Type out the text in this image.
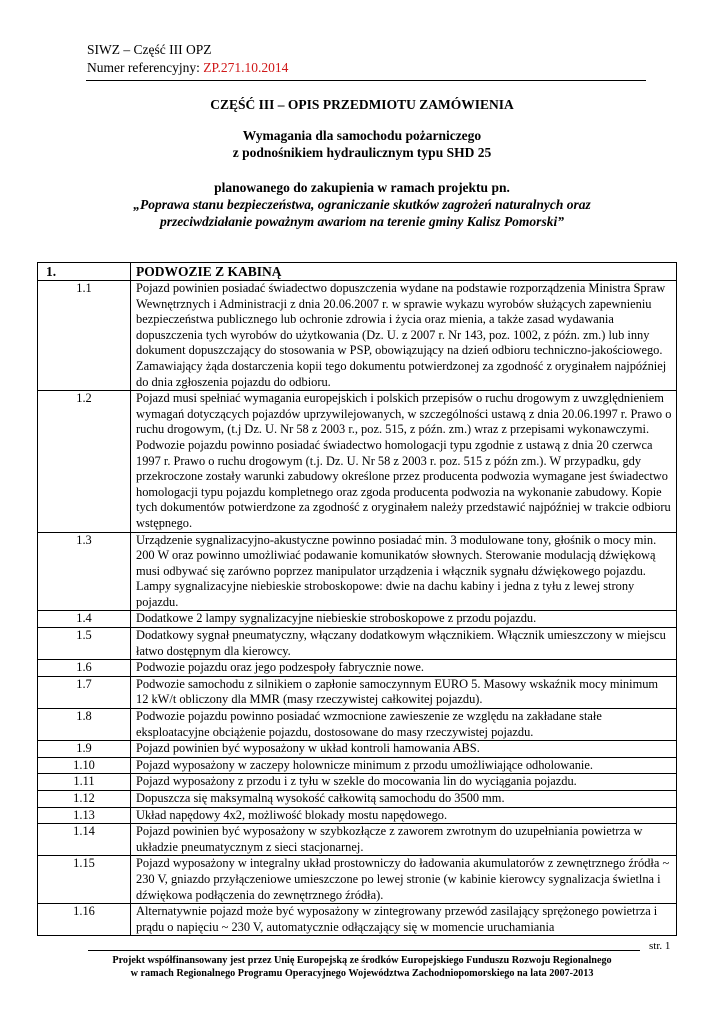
SIWZ – Część III OPZ
Numer referencyjny: ZP.271.10.2014
CZĘŚĆ III – OPIS PRZEDMIOTU ZAMÓWIENIA
Wymagania dla samochodu pożarniczego
z podnośnikiem hydraulicznym typu SHD 25
planowanego do zakupienia w ramach projektu pn.
„Poprawa stanu bezpieczeństwa, ograniczanie skutków zagrożeń naturalnych oraz
przeciwdziałanie poważnym awariom na terenie gminy Kalisz Pomorski”
1.	PODWOZIE Z KABINĄ
1.1	Pojazd powinien posiadać świadectwo dopuszczenia wydane na podstawie rozporządzenia Ministra Spraw Wewnętrznych i Administracji z dnia 20.06.2007 r. w sprawie wykazu wyrobów służących zapewnieniu bezpieczeństwa publicznego lub ochronie zdrowia i życia oraz mienia, a także zasad wydawania dopuszczenia tych wyrobów do użytkowania (Dz. U. z 2007 r. Nr 143, poz. 1002, z późn. zm.) lub inny dokument dopuszczający do stosowania w PSP, obowiązujący na dzień odbioru techniczno-jakościowego. Zamawiający żąda dostarczenia kopii tego dokumentu potwierdzonej za zgodność z oryginałem najpóźniej do dnia zgłoszenia pojazdu do odbioru.
1.2	Pojazd musi spełniać wymagania europejskich i polskich przepisów o ruchu drogowym z uwzględnieniem wymagań dotyczących pojazdów uprzywilejowanych, w szczególności ustawą z dnia 20.06.1997 r. Prawo o ruchu drogowym, (t.j Dz. U. Nr 58 z 2003 r., poz. 515, z późn. zm.) wraz z przepisami wykonawczymi.
Podwozie pojazdu powinno posiadać świadectwo homologacji typu zgodnie z ustawą z dnia 20 czerwca 1997 r. Prawo o ruchu drogowym (t.j. Dz. U. Nr 58 z 2003 r. poz. 515 z późn zm.). W przypadku, gdy przekroczone zostały warunki zabudowy określone przez producenta podwozia wymagane jest świadectwo homologacji typu pojazdu kompletnego oraz zgoda producenta podwozia na wykonanie zabudowy. Kopie tych dokumentów potwierdzone za zgodność z oryginałem należy przedstawić najpóźniej w trakcie odbioru wstępnego.

1.3	Urządzenie sygnalizacyjno-akustyczne powinno posiadać min. 3 modulowane tony, głośnik o mocy min. 200 W oraz powinno umożliwiać podawanie komunikatów słownych. Sterowanie modulacją dźwiękową musi odbywać się zarówno poprzez manipulator urządzenia i włącznik sygnału dźwiękowego pojazdu. Lampy sygnalizacyjne niebieskie stroboskopowe: dwie na dachu kabiny i jedna z tyłu z lewej strony pojazdu.
1.4	Dodatkowe 2 lampy sygnalizacyjne niebieskie stroboskopowe z przodu pojazdu.
1.5	Dodatkowy sygnał pneumatyczny, włączany dodatkowym włącznikiem. Włącznik umieszczony w miejscu łatwo dostępnym dla kierowcy.
1.6	Podwozie pojazdu oraz jego podzespoły fabrycznie nowe.
1.7	Podwozie samochodu z silnikiem o zapłonie samoczynnym EURO 5. Masowy wskaźnik mocy minimum 12 kW/t obliczony dla MMR (masy rzeczywistej całkowitej pojazdu).
1.8	Podwozie pojazdu powinno posiadać wzmocnione zawieszenie ze względu na zakładane stałe eksploatacyjne obciążenie pojazdu, dostosowane do masy rzeczywistej pojazdu.
1.9	Pojazd powinien być wyposażony w układ kontroli hamowania ABS.
1.10	Pojazd wyposażony w zaczepy holownicze minimum z przodu umożliwiające odholowanie.
1.11	Pojazd wyposażony z przodu i z tyłu w szekle do mocowania lin do wyciągania pojazdu.
1.12	Dopuszcza się maksymalną wysokość całkowitą samochodu do 3500 mm.
1.13	Układ napędowy 4x2, możliwość blokady mostu napędowego.
1.14	Pojazd powinien być wyposażony w szybkozłącze z zaworem zwrotnym do uzupełniania powietrza w układzie pneumatycznym z sieci stacjonarnej.
1.15	Pojazd wyposażony w integralny układ prostowniczy do ładowania akumulatorów z zewnętrznego źródła ~ 230 V, gniazdo przyłączeniowe umieszczone po lewej stronie (w kabinie kierowcy sygnalizacja świetlna i dźwiękowa podłączenia do zewnętrznego źródła).
1.16	Alternatywnie pojazd może być wyposażony w zintegrowany przewód zasilający sprężonego powietrza i prądu o napięciu ~ 230 V, automatycznie odłączający się w momencie uruchamiania
str. 1
Projekt współfinansowany jest przez Unię Europejską ze środków Europejskiego Funduszu Rozwoju Regionalnego
w ramach Regionalnego Programu Operacyjnego Województwa Zachodniopomorskiego na lata 2007-2013
